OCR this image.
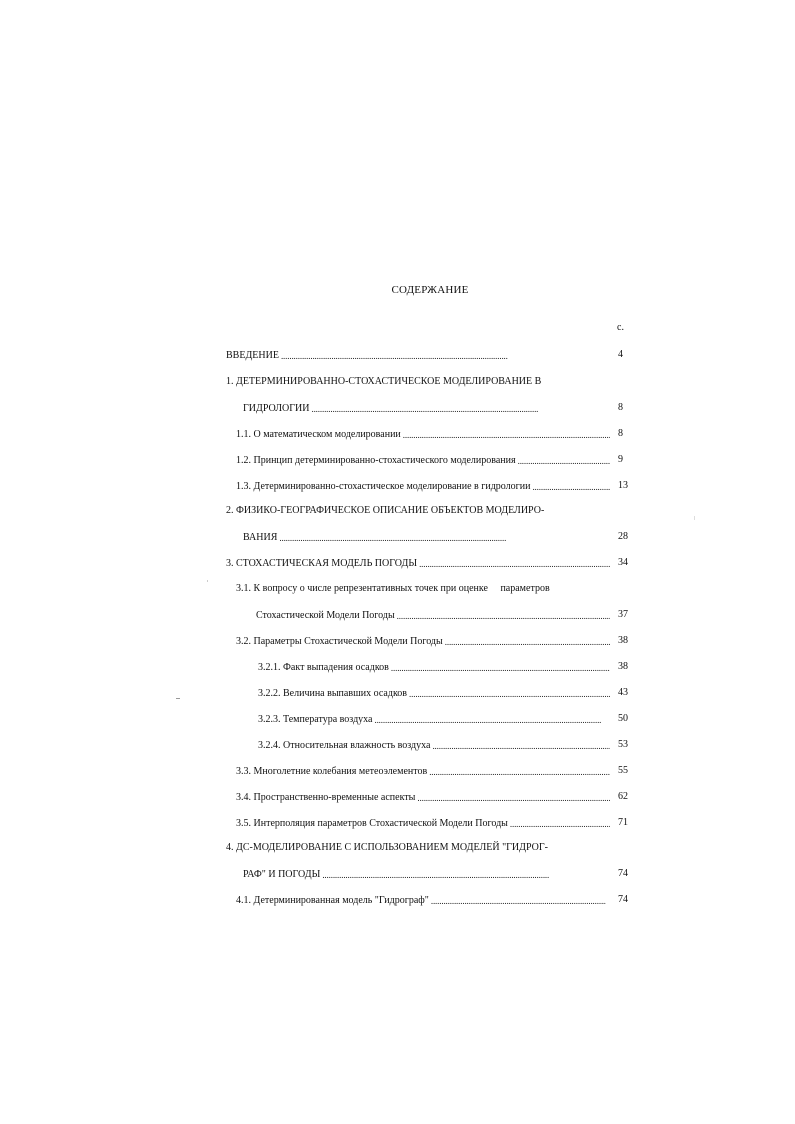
СОДЕРЖАНИЕ
с.
ВВЕДЕНИЕ . . .	4
1. ДЕТЕРМИНИРОВАННО-СТОХАСТИЧЕСКОЕ МОДЕЛИРОВАНИЕ В
ГИДРОЛОГИИ . . .	8
1.1. О математическом моделировании . . .	8
1.2. Принцип детерминированно-стохастического моделирования . . .	9
1.3. Детерминированно-стохастическое моделирование в гидрологии . . .	13
2. ФИЗИКО-ГЕОГРАФИЧЕСКОЕ ОПИСАНИЕ ОБЪЕКТОВ МОДЕЛИРО-
ВАНИЯ . . .	28
3. СТОХАСТИЧЕСКАЯ МОДЕЛЬ ПОГОДЫ . . .	34
3.1. К вопросу о числе репрезентативных точек при оценке     параметров
Стохастической Модели Погоды . . .	37
3.2. Параметры Стохастической Модели Погоды . . .	38
3.2.1. Факт выпадения осадков . . .	38
3.2.2. Величина выпавших осадков . . .	43
3.2.3. Температура воздуха . . .	50
3.2.4. Относительная влажность воздуха . . .	53
3.3. Многолетние колебания метеоэлементов . . .	55
3.4. Пространственно-временные аспекты . . .	62
3.5. Интерполяция параметров Стохастической Модели Погоды . . .	71
4. ДС-МОДЕЛИРОВАНИЕ С ИСПОЛЬЗОВАНИЕМ МОДЕЛЕЙ "ГИДРОГ-
РАФ" И ПОГОДЫ . . .	74
4.1. Детерминированная модель "Гидрограф" . . .	74
